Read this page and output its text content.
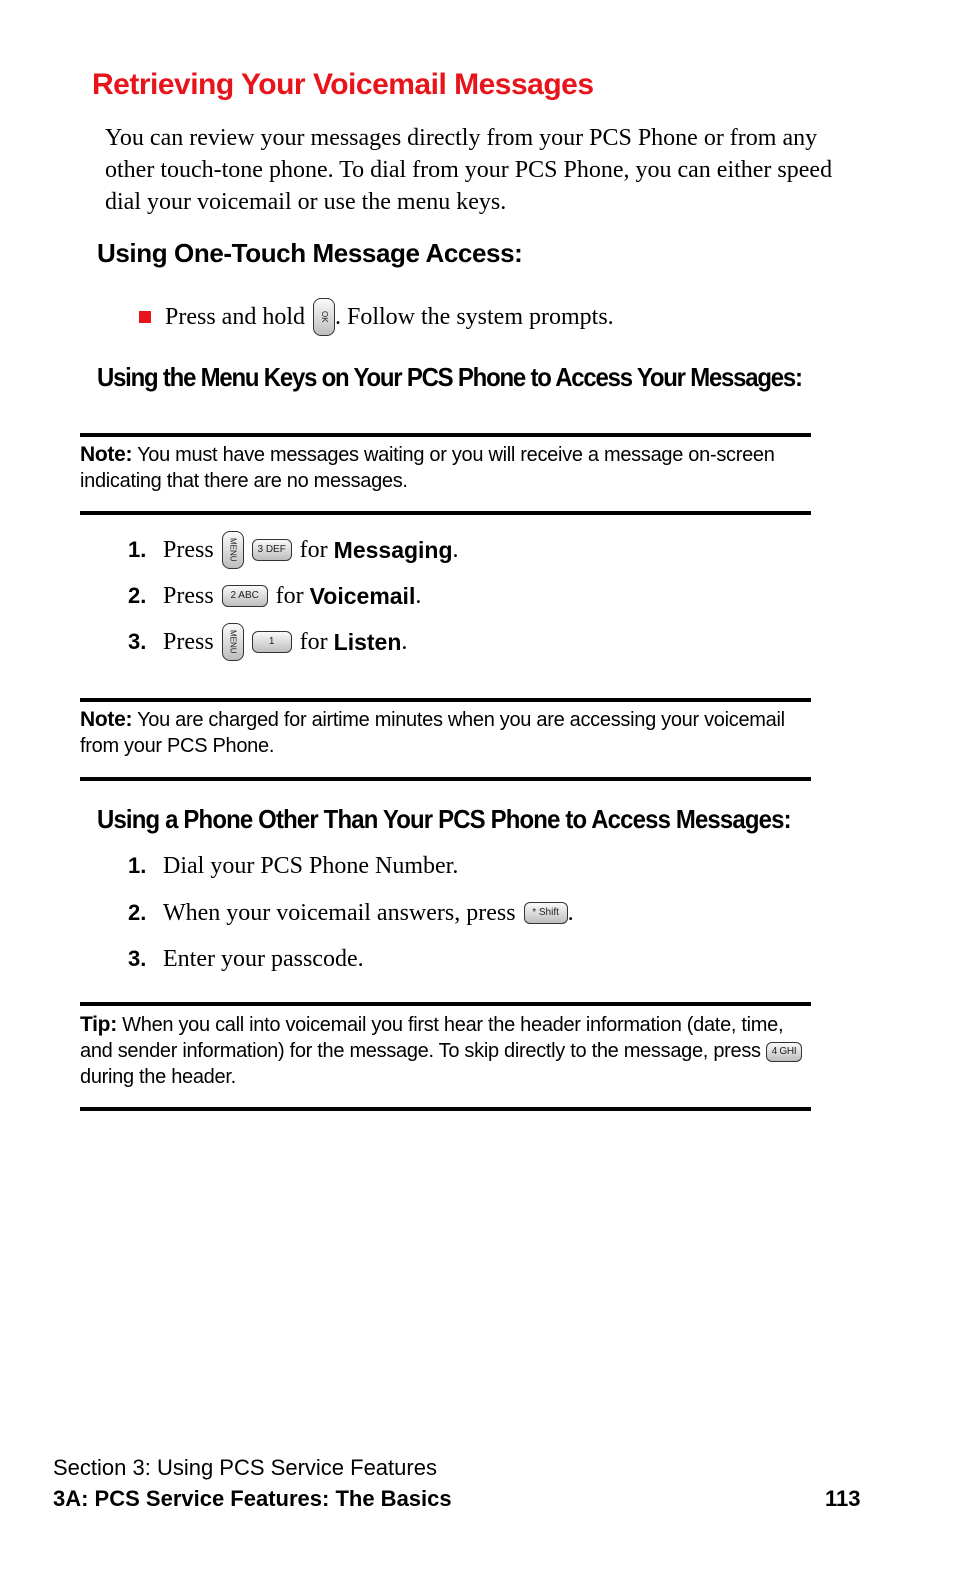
Retrieving Your Voicemail Messages
You can review your messages directly from your PCS Phone or from any other touch-tone phone. To dial from your PCS Phone, you can either speed dial your voicemail or use the menu keys.
Using One-Touch Message Access:
Press and hold	OK . Follow the system prompts.
Using the Menu Keys on Your PCS Phone to Access Your Messages:
Note: You must have messages waiting or you will receive a message on-screen indicating that there are no messages.
1. Press	MENU	3 DEF for
Messaging .
2. Press	2 ABC for
Voicemail .
3. Press	MENU	1	for
Listen .
Note: You are charged for airtime minutes when you are accessing your voicemail from your PCS Phone.
Using a Phone Other Than Your PCS Phone to Access Messages:
1. Dial your PCS Phone Number.
2. When your voicemail answers, press	* Shift .
3. Enter your passcode.
Tip: When you call into voicemail you first hear the header information (date, time, and sender information) for the message. To skip directly to the message, press 4 GHI during the header.
Section 3: Using PCS Service Features
3A: PCS Service Features: The Basics	113
